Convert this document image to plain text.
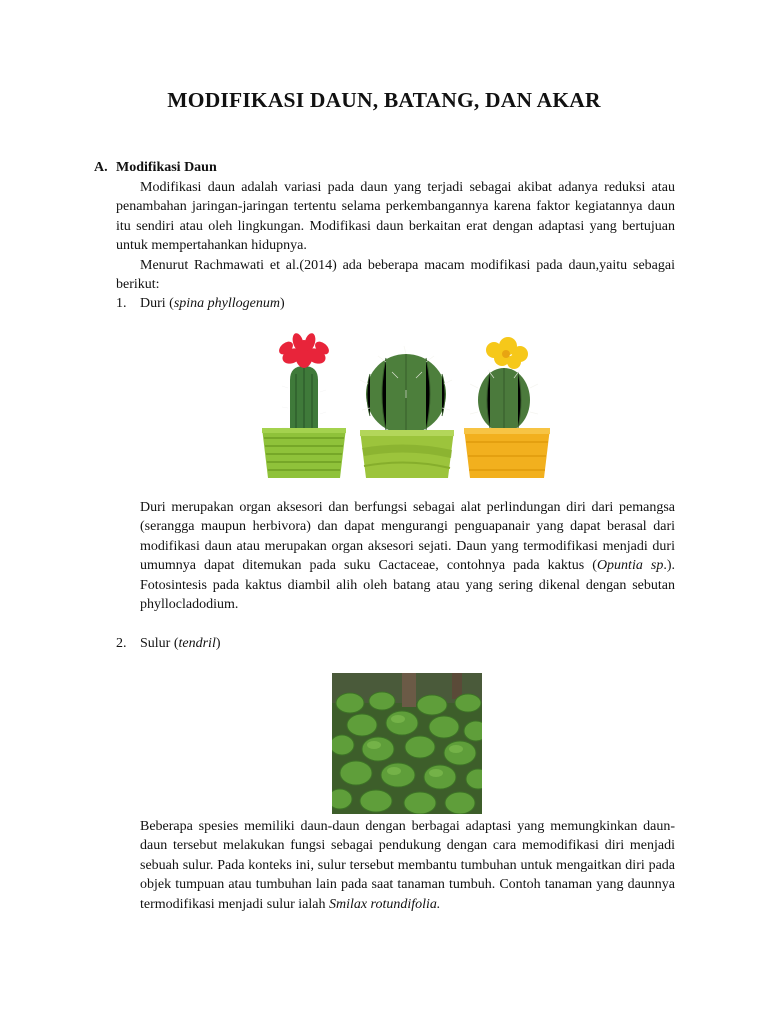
MODIFIKASI DAUN, BATANG, DAN AKAR
A. Modifikasi Daun
Modifikasi daun adalah variasi pada daun yang terjadi sebagai akibat adanya reduksi atau penambahan jaringan-jaringan tertentu selama perkembangannya karena faktor kegiatannya daun itu sendiri atau oleh lingkungan. Modifikasi daun berkaitan erat dengan adaptasi yang bertujuan untuk mempertahankan hidupnya.
Menurut Rachmawati et al.(2014) ada beberapa macam modifikasi pada daun,yaitu sebagai berikut:
1. Duri (spina phyllogenum)
Duri merupakan organ aksesori dan berfungsi sebagai alat perlindungan diri dari pemangsa (serangga maupun herbivora) dan dapat mengurangi penguapanair yang dapat berasal dari modifikasi daun atau merupakan organ aksesori sejati. Daun yang termodifikasi menjadi duri umumnya dapat ditemukan pada suku Cactaceae, contohnya pada kaktus (Opuntia sp.). Fotosintesis pada kaktus diambil alih oleh batang atau yang sering dikenal dengan sebutan phyllocladodium.
2. Sulur (tendril)
Beberapa spesies memiliki daun-daun dengan berbagai adaptasi yang memungkinkan daun-daun tersebut melakukan fungsi sebagai pendukung dengan cara memodifikasi diri menjadi sebuah sulur. Pada konteks ini, sulur tersebut membantu tumbuhan untuk mengaitkan diri pada objek tumpuan atau tumbuhan lain pada saat tanaman tumbuh. Contoh tanaman yang daunnya termodifikasi menjadi sulur ialah Smilax rotundifolia.
